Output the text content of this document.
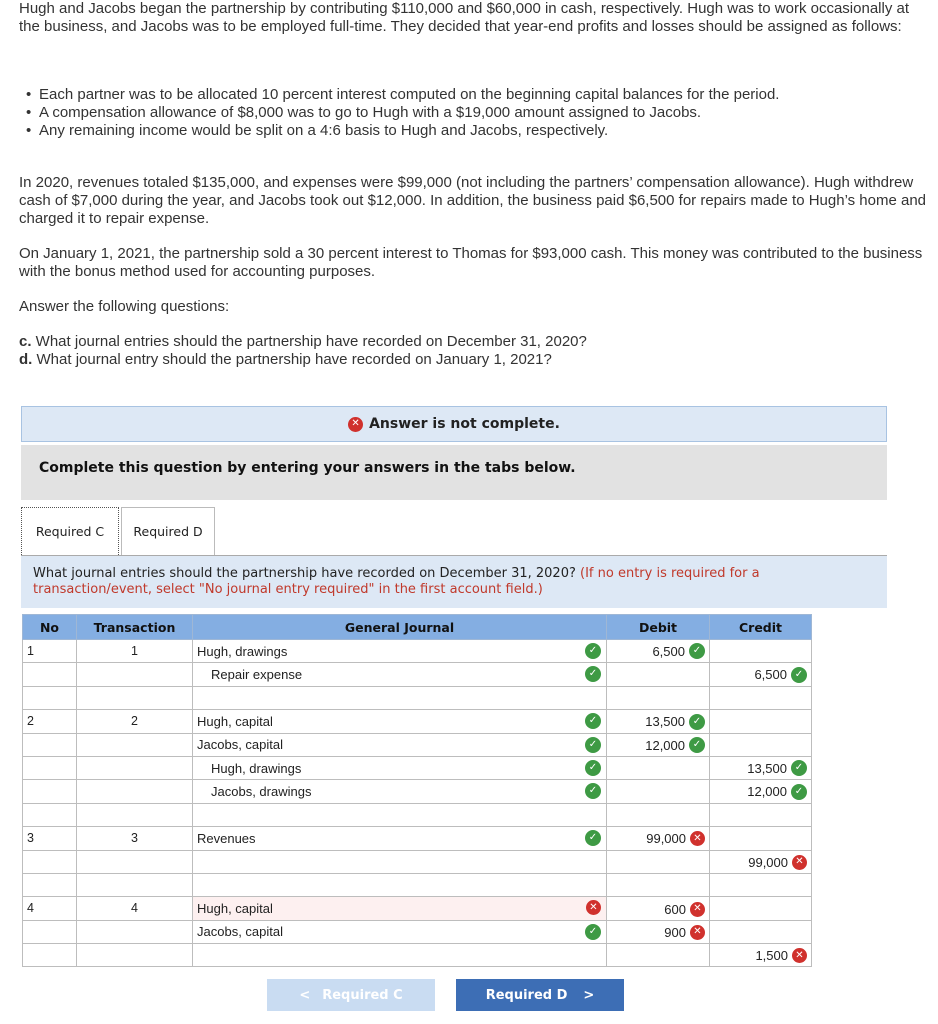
Hugh and Jacobs began the partnership by contributing $110,000 and $60,000 in cash, respectively. Hugh was to work occasionally at the business, and Jacobs was to be employed full-time. They decided that year-end profits and losses should be assigned as follows:
• Each partner was to be allocated 10 percent interest computed on the beginning capital balances for the period.
• A compensation allowance of $8,000 was to go to Hugh with a $19,000 amount assigned to Jacobs.
• Any remaining income would be split on a 4:6 basis to Hugh and Jacobs, respectively.
In 2020, revenues totaled $135,000, and expenses were $99,000 (not including the partners’ compensation allowance). Hugh withdrew cash of $7,000 during the year, and Jacobs took out $12,000. In addition, the business paid $6,500 for repairs made to Hugh’s home and charged it to repair expense.
On January 1, 2021, the partnership sold a 30 percent interest to Thomas for $93,000 cash. This money was contributed to the business with the bonus method used for accounting purposes.
Answer the following questions:
c. What journal entries should the partnership have recorded on December 31, 2020?
d. What journal entry should the partnership have recorded on January 1, 2021?
✕ Answer is not complete.
Complete this question by entering your answers in the tabs below.
Required C	Required D
What journal entries should the partnership have recorded on December 31, 2020? (If no entry is required for a transaction/event, select "No journal entry required" in the first account field.)
No	Transaction	General Journal	Debit	Credit
1	1	Hugh, drawings ✓	6,500 ✓	
		Repair expense ✓		6,500 ✓

2	2	Hugh, capital ✓	13,500 ✓	
		Jacobs, capital ✓	12,000 ✓	
		Hugh, drawings ✓		13,500 ✓
		Jacobs, drawings ✓		12,000 ✓

3	3	Revenues ✓	99,000 ✕	
				99,000 ✕

4	4	Hugh, capital ✕	600 ✕	
		Jacobs, capital ✓	900 ✕	
				1,500 ✕
< Required C	Required D >
